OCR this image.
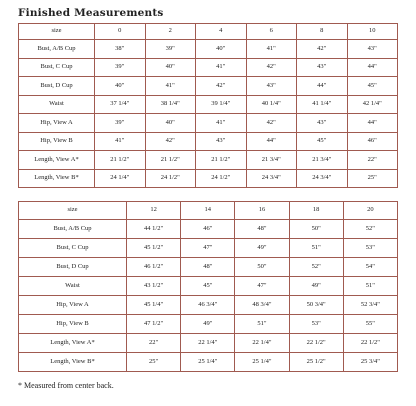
Finished Measurements
size	0	2	4	6	8	10
Bust, A/B Cup	38"	39"	40"	41"	42"	43"
Bust, C Cup	39"	40"	41"	42"	43"	44"
Bust, D Cup	40"	41"	42"	43"	44"	45"
Waist	37 1/4"	38 1/4"	39 1/4"	40 1/4"	41 1/4"	42 1/4"
Hip, View A	39"	40"	41"	42"	43"	44"
Hip, View B	41"	42"	43"	44"	45"	46"
Length, View A*	21 1/2"	21 1/2"	21 1/2"	21 3/4"	21 3/4"	22"
Length, View B*	24 1/4"	24 1/2"	24 1/2"	24 3/4"	24 3/4"	25"
size	12	14	16	18	20
Bust, A/B Cup	44 1/2"	46"	48"	50"	52"
Bust, C Cup	45 1/2"	47"	49"	51"	53"
Bust, D Cup	46 1/2"	48"	50"	52"	54"
Waist	43 1/2"	45"	47"	49"	51"
Hip, View A	45 1/4"	46 3/4"	48 3/4"	50 3/4"	52 3/4"
Hip, View B	47 1/2"	49"	51"	53"	55"
Length, View A*	22"	22 1/4"	22 1/4"	22 1/2"	22 1/2"
Length, View B*	25"	25 1/4"	25 1/4"	25 1/2"	25 3/4"
* Measured from center back.
